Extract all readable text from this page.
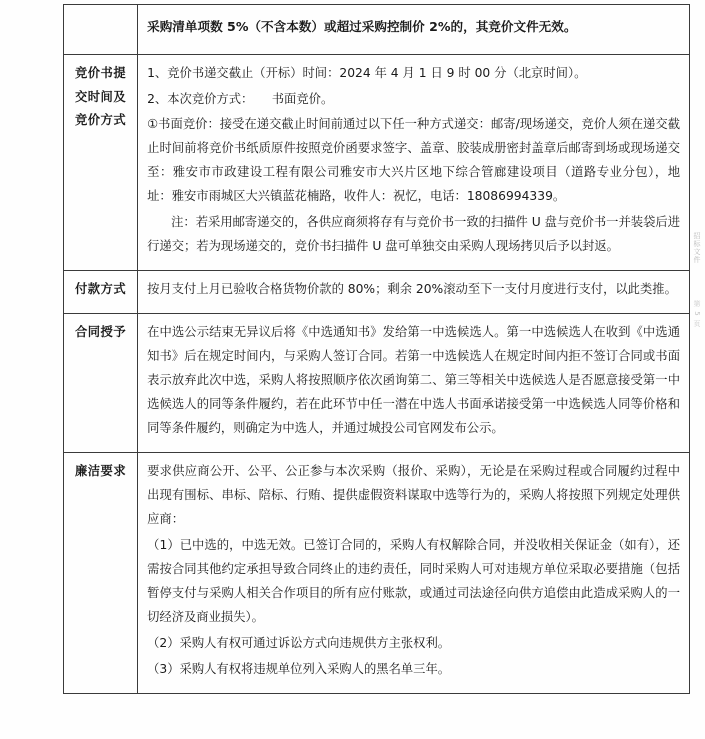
	采购清单项数 5%（不含本数）或超过采购控制价 2%的，其竞价文件无效。

竞价书提交时间及竞价方式	1、竞价书递交截止（开标）时间：2024 年 4 月 1 日 9 时 00 分（北京时间）。

2、本次竞价方式：　　书面竞价。

①书面竞价：接受在递交截止时间前通过以下任一种方式递交：邮寄/现场递交，竞价人须在递交截止时间前将竞价书纸质原件按照竞价函要求签字、盖章、胶装成册密封盖章后邮寄到场或现场递交至：雅安市市政建设工程有限公司雅安市大兴片区地下综合管廊建设项目（道路专业分包），地址：雅安市雨城区大兴镇蓝花楠路，收件人：祝忆，电话：18086994339。

注：若采用邮寄递交的，各供应商须将存有与竞价书一致的扫描件 U 盘与竞价书一并装袋后进行递交；若为现场递交的，竞价书扫描件 U 盘可单独交由采购人现场拷贝后予以封返。

付款方式	按月支付上月已验收合格货物价款的 80%；剩余 20%滚动至下一支付月度进行支付，以此类推。

合同授予	在中选公示结束无异议后将《中选通知书》发给第一中选候选人。第一中选候选人在收到《中选通知书》后在规定时间内，与采购人签订合同。若第一中选候选人在规定时间内拒不签订合同或书面表示放弃此次中选，采购人将按照顺序依次函询第二、第三等相关中选候选人是否愿意接受第一中选候选人的同等条件履约，若在此环节中任一潜在中选人书面承诺接受第一中选候选人同等价格和同等条件履约，则确定为中选人，并通过城投公司官网发布公示。

廉洁要求	要求供应商公开、公平、公正参与本次采购（报价、采购），无论是在采购过程或合同履约过程中出现有围标、串标、陪标、行贿、提供虚假资料谋取中选等行为的，采购人将按照下列规定处理供应商：

（1）已中选的，中选无效。已签订合同的，采购人有权解除合同，并没收相关保证金（如有），还需按合同其他约定承担导致合同终止的违约责任，同时采购人可对违规方单位采取必要措施（包括暂停支付与采购人相关合作项目的所有应付账款，或通过司法途径向供方追偿由此造成采购人的一切经济及商业损失）。

（2）采购人有权可通过诉讼方式向违规供方主张权利。

（3）采购人有权将违规单位列入采购人的黑名单三年。

招标文件
第 5 页
